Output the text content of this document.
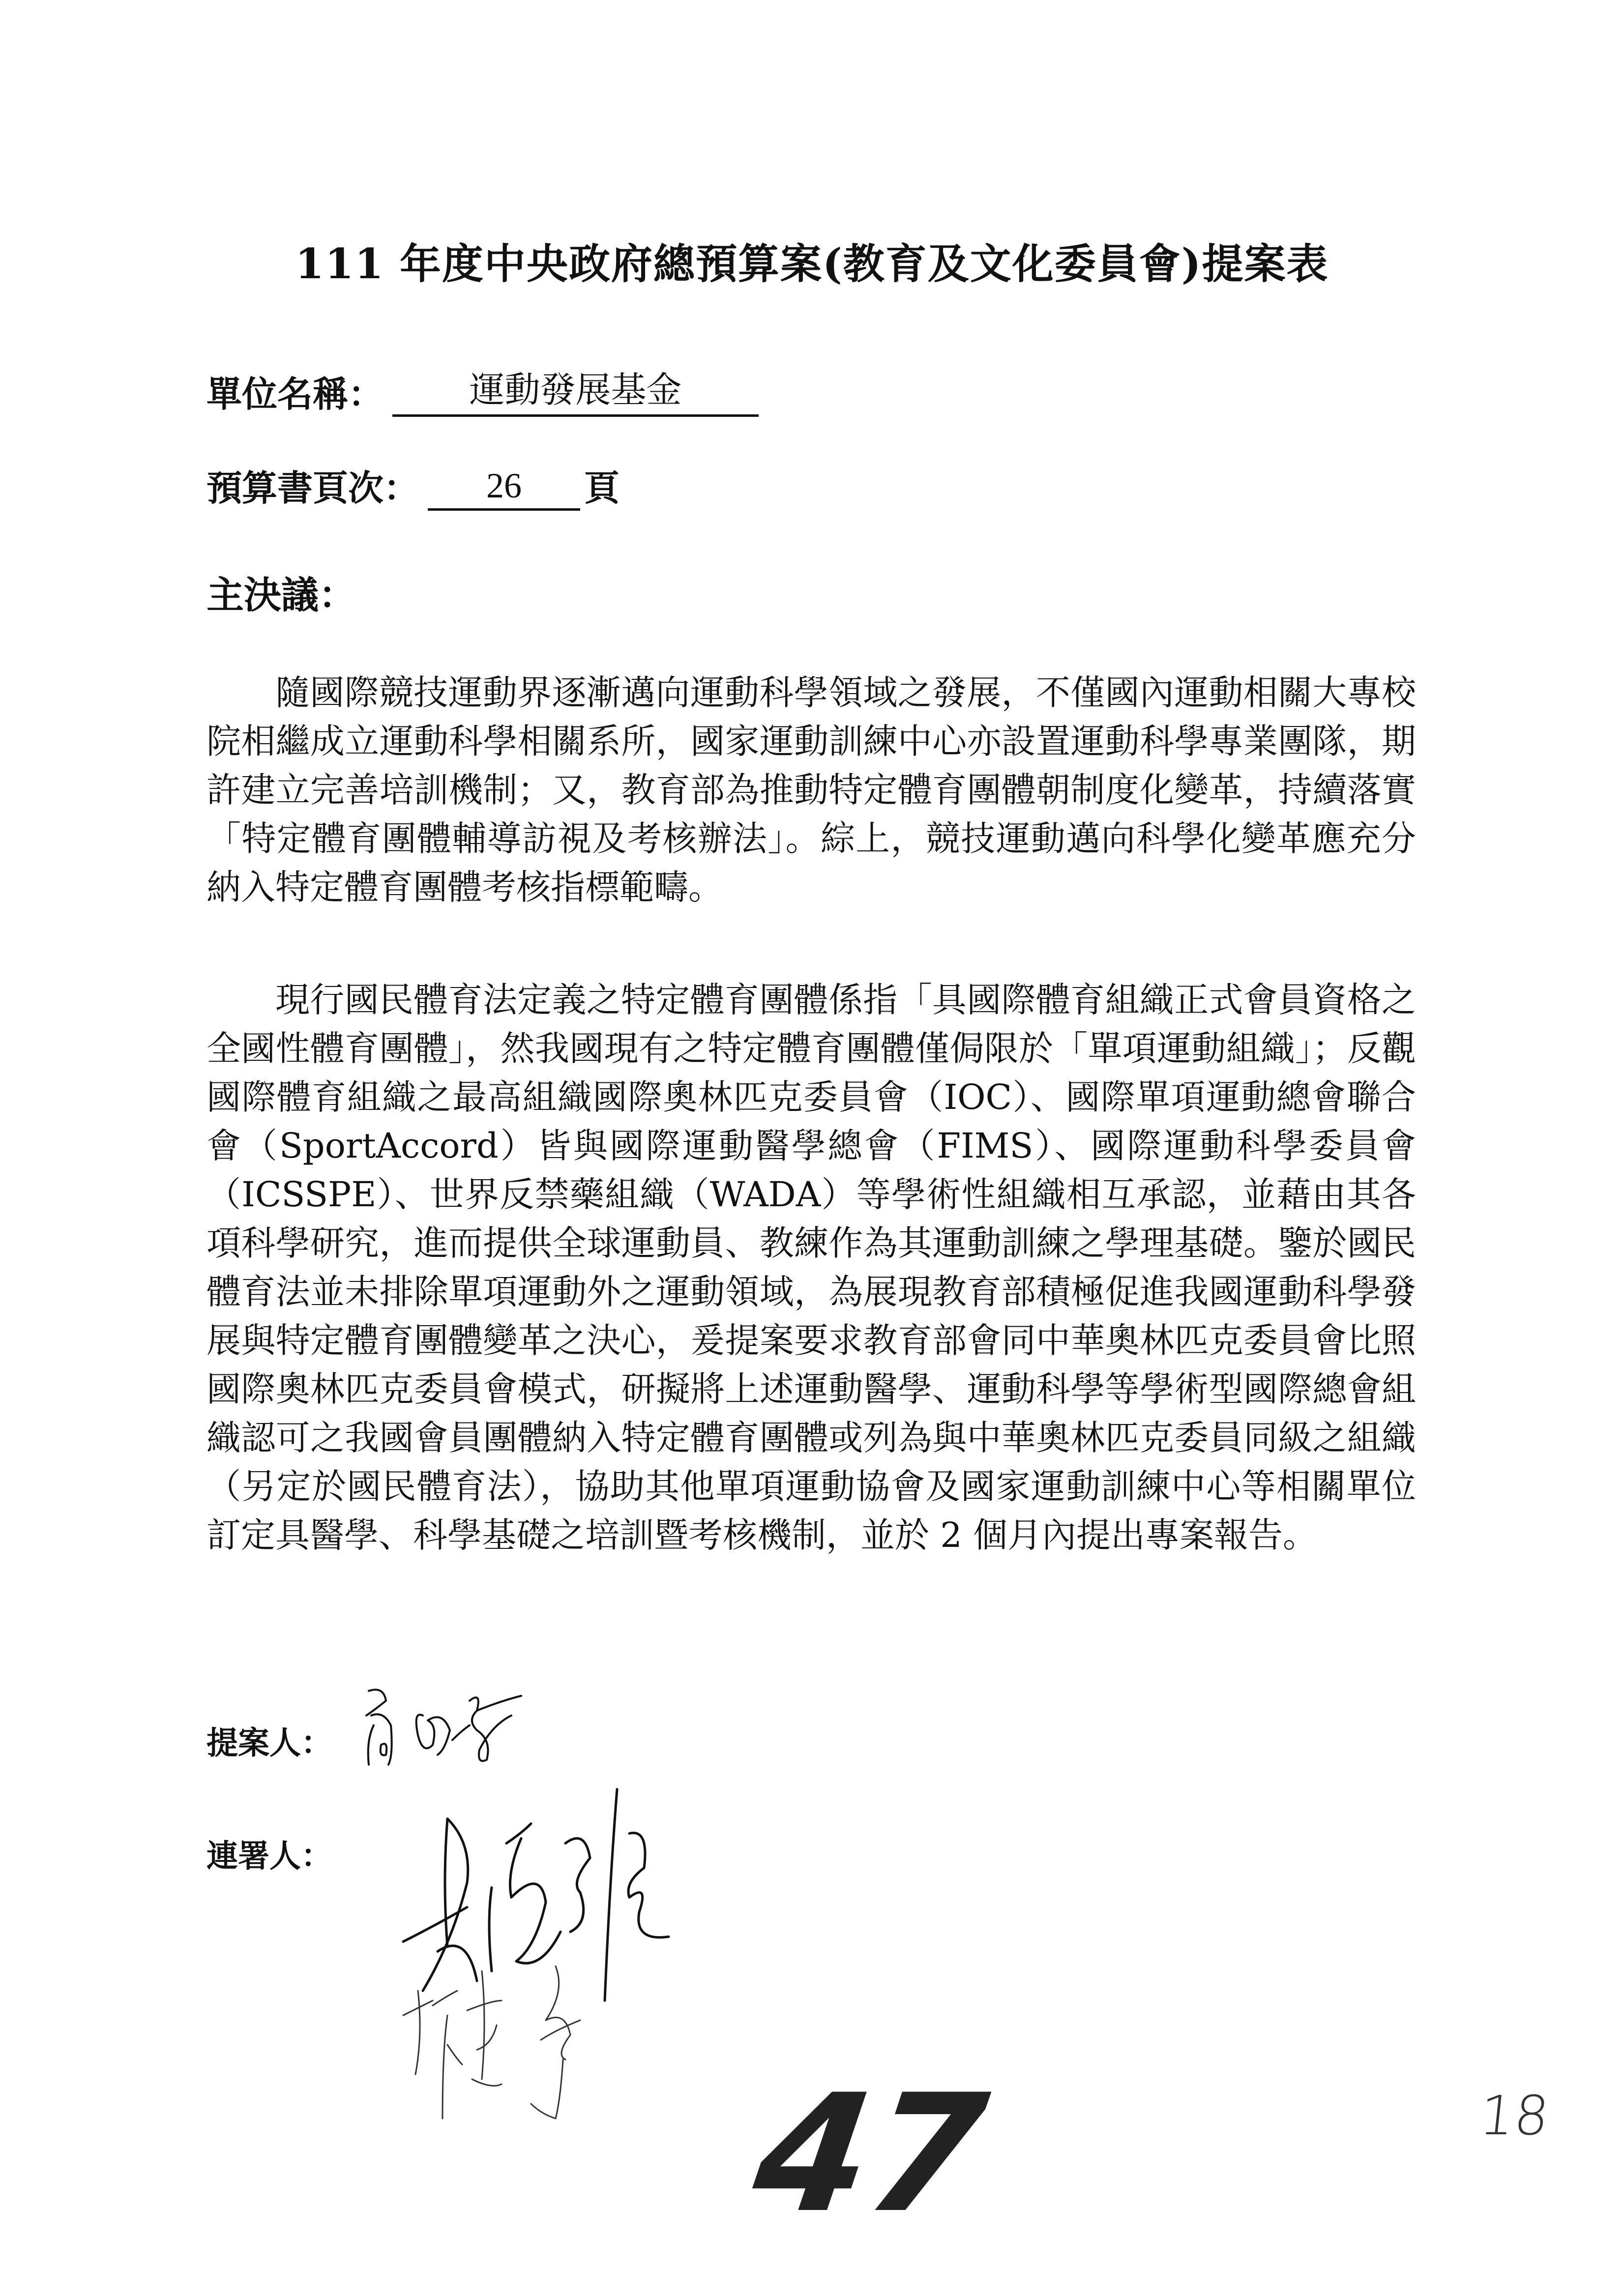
111 年度中央政府總預算案(教育及文化委員會)提案表
單位名稱：	運動發展基金
預算書頁次：	26	頁
主決議：

隨國際競技運動界逐漸邁向運動科學領域之發展，不僅國內運動相關大專校院相繼成立運動科學相關系所，國家運動訓練中心亦設置運動科學專業團隊，期許建立完善培訓機制；又，教育部為推動特定體育團體朝制度化變革，持續落實「特定體育團體輔導訪視及考核辦法」。綜上，競技運動邁向科學化變革應充分納入特定體育團體考核指標範疇。

現行國民體育法定義之特定體育團體係指「具國際體育組織正式會員資格之全國性體育團體」，然我國現有之特定體育團體僅侷限於「單項運動組織」；反觀國際體育組織之最高組織國際奧林匹克委員會（IOC）、國際單項運動總會聯合會（SportAccord）皆與國際運動醫學總會（FIMS）、國際運動科學委員會（ICSSPE）、世界反禁藥組織（WADA）等學術性組織相互承認，並藉由其各項科學研究，進而提供全球運動員、教練作為其運動訓練之學理基礎。鑒於國民體育法並未排除單項運動外之運動領域，為展現教育部積極促進我國運動科學發展與特定體育團體變革之決心，爰提案要求教育部會同中華奧林匹克委員會比照國際奧林匹克委員會模式，研擬將上述運動醫學、運動科學等學術型國際總會組織認可之我國會員團體納入特定體育團體或列為與中華奧林匹克委員同級之組織（另定於國民體育法），協助其他單項運動協會及國家運動訓練中心等相關單位訂定具醫學、科學基礎之培訓暨考核機制，並於 2 個月內提出專案報告。

提案人：
連署人：
47	18
